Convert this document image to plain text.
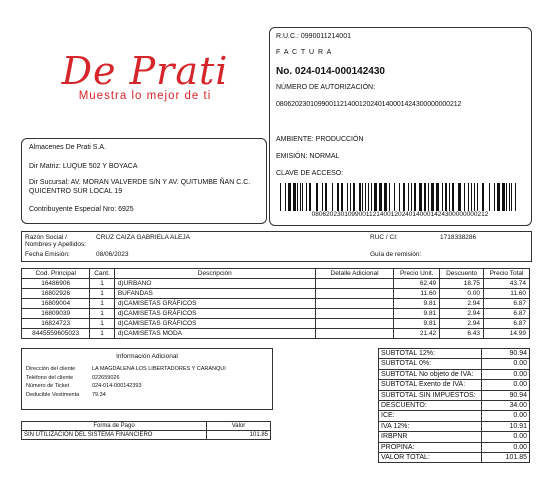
De Prati
Muestra lo mejor de ti
Almacenes De Prati S.A.
Dir Matriz: LUQUE 502 Y BOYACA
Dir Sucursal: AV. MORAN VALVERDE S/N Y AV. QUITUMBE ÑAN C.C. QUICENTRO SUR LOCAL 19
Contribuyente Especial Nro: 6925
R.U.C.: 0990011214001
F A C T U R A
No. 024-014-000142430
NÚMERO DE AUTORIZACIÓN:
0806202301099001121400120240140001424300000000212
AMBIENTE: PRODUCCIÓN
EMISIÓN: NORMAL
CLAVE DE ACCESO:
0806202301099001121400120240140001424300000000212
Razón Social / Nombres y Apellidos:
CRUZ CAIZA GABRIELA ALEJA	RUC / CI:	1718338286
Fecha Emisión:	08/06/2023	Guía de remisión:
Cod. Principal	Cant.	Descripción	Detalle Adicional	Precio Unit.	Descuento	Precio Total
16486906	1	d)URBANO		62.49	18.75	43.74
16802926	1	BUFANDAS		11.60	0.00	11.60
16809004	1	d)CAMISETAS GRÁFICOS		9.81	2.94	6.87
16809039	1	d)CAMISETAS GRÁFICOS		9.81	2.94	6.87
16824723	1	d)CAMISETAS GRÁFICOS		9.81	2.94	6.87
8445559605023	1	d)CAMISETAS MODA		21.42	6.43	14.99
Información Adicional
Dirección del cliente	LA MAGDALENA LOS LIBERTADORES Y CARANQUI
Teléfono del cliente	022659026
Número de Ticket	024-014-000142393
Deducible Vestimenta 79.34
Forma de Pago	Valor
SIN UTILIZACION DEL SISTEMA FINANCIERO	101.85
SUBTOTAL 12%:	90.94
SUBTOTAL 0%:	0.00
SUBTOTAL No objeto de IVA:	0.00
SUBTOTAL Exento de IVA:	0.00
SUBTOTAL SIN IMPUESTOS:	90.94
DESCUENTO:	34.00
ICE:	0.00
IVA 12%:	10.91
IRBPNR	0.00
PROPINA:	0.00
VALOR TOTAL:	101.85
